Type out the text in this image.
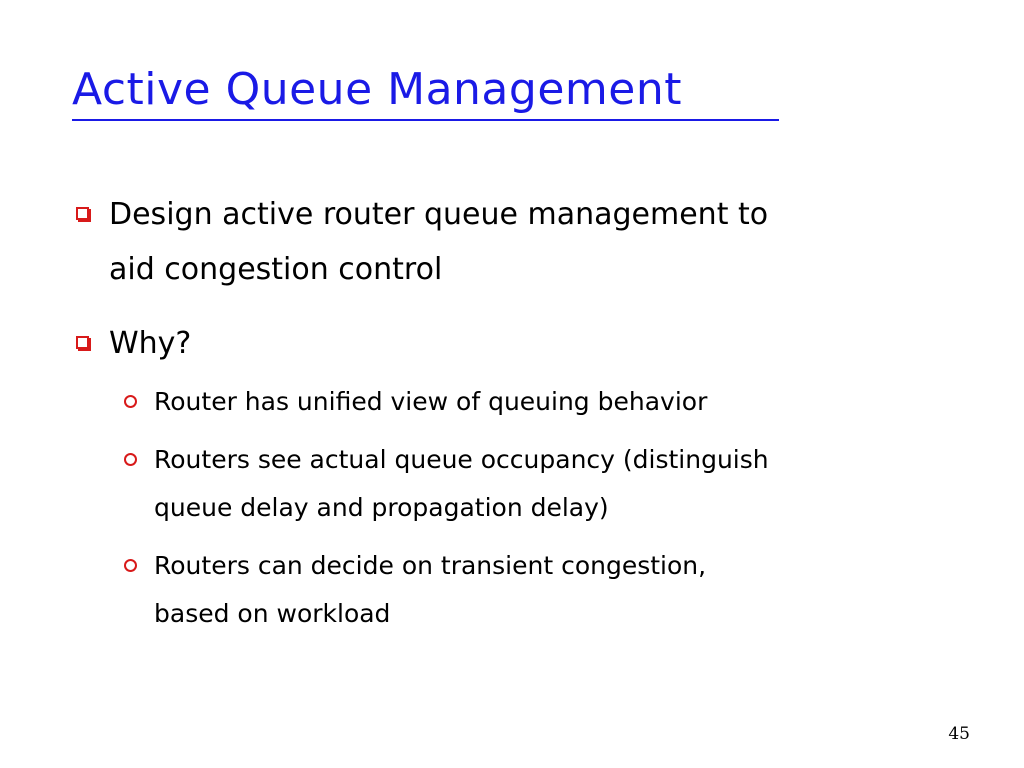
Active Queue Management
Design active router queue management to
aid congestion control
Why?
Router has unified view of queuing behavior
Routers see actual queue occupancy (distinguish
queue delay and propagation delay)
Routers can decide on transient congestion,
based on workload
45
